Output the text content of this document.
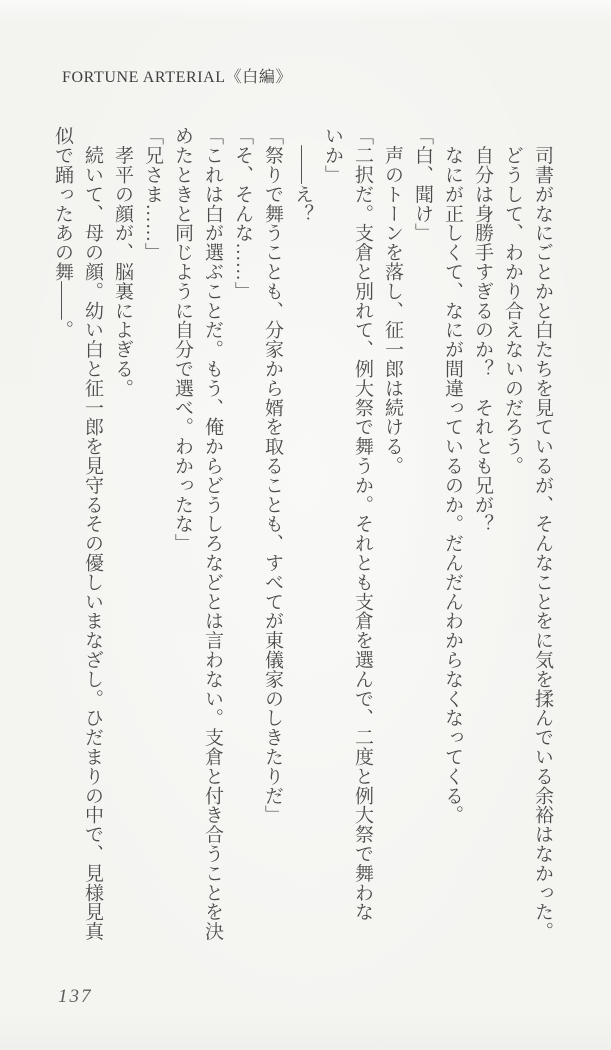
FORTUNE ARTERIAL《白編》

　司書がなにごとかと白たちを見ているが、そんなことをに気を揉んでいる余裕はなかった。

　どうして、わかり合えないのだろう。

　自分は身勝手すぎるのか？　それとも兄が？

　なにが正しくて、なにが間違っているのか。だんだんわからなくなってくる。

「白、聞け」

　声のトーンを落し、征一郎は続ける。

「二択だ。支倉と別れて、例大祭で舞うか。それとも支倉を選んで、二度と例大祭で舞わな

いか」

　――え？

「祭りで舞うことも、分家から婿を取ることも、すべてが東儀家のしきたりだ」

「そ、そんな……」

「これは白が選ぶことだ。もう、俺からどうしろなどとは言わない。支倉と付き合うことを決

めたときと同じように自分で選べ。わかったな」

「兄さま……」

　孝平の顔が、脳裏によぎる。

　続いて、母の顔。幼い白と征一郎を見守るその優しいまなざし。ひだまりの中で、見様見真

似で踊ったあの舞――。

137
